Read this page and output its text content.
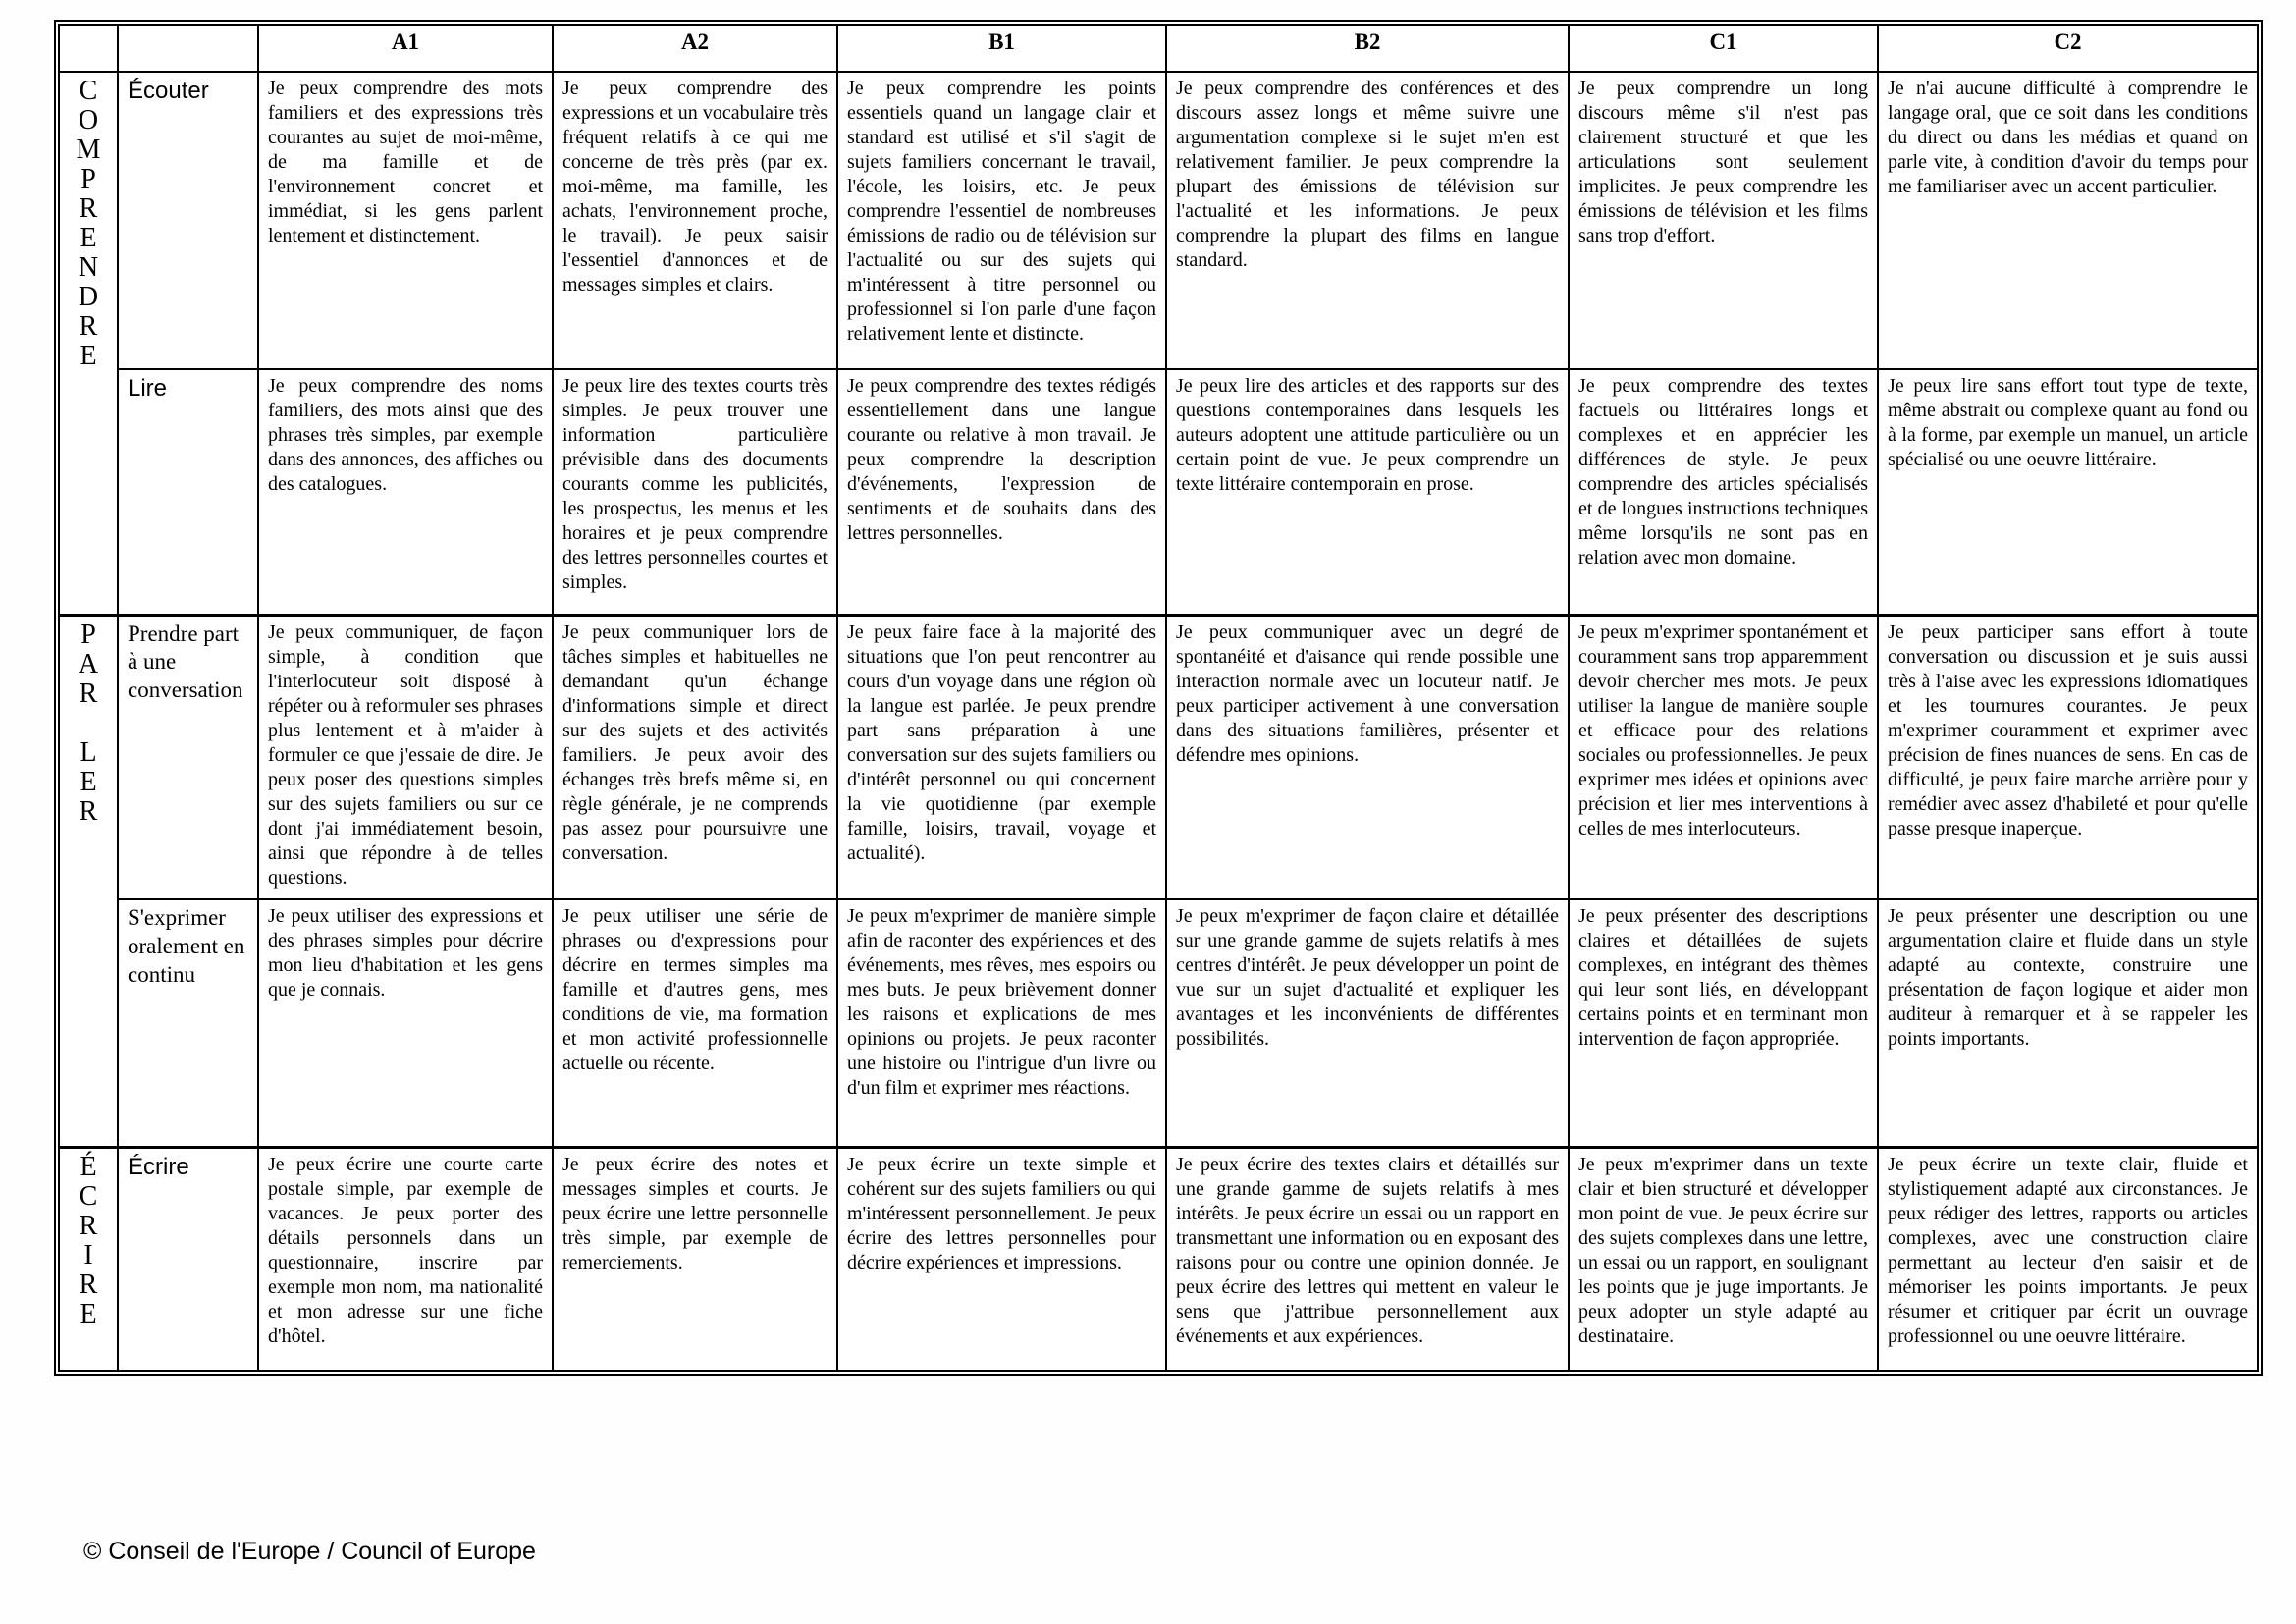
		A1	A2	B1	B2	C1	C2

C
O
M
P
R
E
N
D
R
E
	Écouter	Je peux comprendre des mots familiers et des expressions très courantes au sujet de moi-même, de ma famille et de l'environnement concret et immédiat, si les gens parlent lentement et distinctement.	Je peux comprendre des expressions et un vocabulaire très fréquent relatifs à ce qui me concerne de très près (par ex. moi-même, ma famille, les achats, l'environnement proche, le travail). Je peux saisir l'essentiel d'annonces et de messages simples et clairs.	Je peux comprendre les points essentiels quand un langage clair et standard est utilisé et s'il s'agit de sujets familiers concernant le travail, l'école, les loisirs, etc. Je peux comprendre l'essentiel de nombreuses émissions de radio ou de télévision sur l'actualité ou sur des sujets qui m'intéressent à titre personnel ou professionnel si l'on parle d'une façon relativement lente et distincte.	Je peux comprendre des conférences et des discours assez longs et même suivre une argumentation complexe si le sujet m'en est relativement familier. Je peux comprendre la plupart des émissions de télévision sur l'actualité et les informations. Je peux comprendre la plupart des films en langue standard.	Je peux comprendre un long discours même s'il n'est pas clairement structuré et que les articulations sont seulement implicites. Je peux comprendre les émissions de télévision et les films sans trop d'effort.	Je n'ai aucune difficulté à comprendre le langage oral, que ce soit dans les conditions du direct ou dans les médias et quand on parle vite, à condition d'avoir du temps pour me familiariser avec un accent particulier.
Lire	Je peux comprendre des noms familiers, des mots ainsi que des phrases très simples, par exemple dans des annonces, des affiches ou des catalogues.	Je peux lire des textes courts très simples. Je peux trouver une information particulière prévisible dans des documents courants comme les publicités, les prospectus, les menus et les horaires et je peux comprendre des lettres personnelles courtes et simples.	Je peux comprendre des textes rédigés essentiellement dans une langue courante ou relative à mon travail. Je peux comprendre la description d'événements, l'expression de sentiments et de souhaits dans des lettres personnelles.	Je peux lire des articles et des rapports sur des questions contemporaines dans lesquels les auteurs adoptent une attitude particulière ou un certain point de vue. Je peux comprendre un texte littéraire contemporain en prose.	Je peux comprendre des textes factuels ou littéraires longs et complexes et en apprécier les différences de style. Je peux comprendre des articles spécialisés et de longues instructions techniques même lorsqu'ils ne sont pas en relation avec mon domaine.	Je peux lire sans effort tout type de texte, même abstrait ou complexe quant au fond ou à la forme, par exemple un manuel, un article spécialisé ou une oeuvre littéraire.

P
A
R
L
E
R
	Prendre part à une conversation	Je peux communiquer, de façon simple, à condition que l'interlocuteur soit disposé à répéter ou à reformuler ses phrases plus lentement et à m'aider à formuler ce que j'essaie de dire. Je peux poser des questions simples sur des sujets familiers ou sur ce dont j'ai immédiatement besoin, ainsi que répondre à de telles questions.	Je peux communiquer lors de tâches simples et habituelles ne demandant qu'un échange d'informations simple et direct sur des sujets et des activités familiers. Je peux avoir des échanges très brefs même si, en règle générale, je ne comprends pas assez pour poursuivre une conversation.	Je peux faire face à la majorité des situations que l'on peut rencontrer au cours d'un voyage dans une région où la langue est parlée. Je peux prendre part sans préparation à une conversation sur des sujets familiers ou d'intérêt personnel ou qui concernent la vie quotidienne (par exemple famille, loisirs, travail, voyage et actualité).	Je peux communiquer avec un degré de spontanéité et d'aisance qui rende possible une interaction normale avec un locuteur natif. Je peux participer activement à une conversation dans des situations familières, présenter et défendre mes opinions.	Je peux m'exprimer spontanément et couramment sans trop apparemment devoir chercher mes mots. Je peux utiliser la langue de manière souple et efficace pour des relations sociales ou professionnelles. Je peux exprimer mes idées et opinions avec précision et lier mes interventions à celles de mes interlocuteurs.	Je peux participer sans effort à toute conversation ou discussion et je suis aussi très à l'aise avec les expressions idiomatiques et les tournures courantes. Je peux m'exprimer couramment et exprimer avec précision de fines nuances de sens. En cas de difficulté, je peux faire marche arrière pour y remédier avec assez d'habileté et pour qu'elle passe presque inaperçue.
S'exprimer oralement en continu	Je peux utiliser des expressions et des phrases simples pour décrire mon lieu d'habitation et les gens que je connais.	Je peux utiliser une série de phrases ou d'expressions pour décrire en termes simples ma famille et d'autres gens, mes conditions de vie, ma formation et mon activité professionnelle actuelle ou récente.	Je peux m'exprimer de manière simple afin de raconter des expériences et des événements, mes rêves, mes espoirs ou mes buts. Je peux brièvement donner les raisons et explications de mes opinions ou projets. Je peux raconter une histoire ou l'intrigue d'un livre ou d'un film et exprimer mes réactions.	Je peux m'exprimer de façon claire et détaillée sur une grande gamme de sujets relatifs à mes centres d'intérêt. Je peux développer un point de vue sur un sujet d'actualité et expliquer les avantages et les inconvénients de différentes possibilités.	Je peux présenter des descriptions claires et détaillées de sujets complexes, en intégrant des thèmes qui leur sont liés, en développant certains points et en terminant mon intervention de façon appropriée.	Je peux présenter une description ou une argumentation claire et fluide dans un style adapté au contexte, construire une présentation de façon logique et aider mon auditeur à remarquer et à se rappeler les points importants.

É
C
R
I
R
E
	Écrire	Je peux écrire une courte carte postale simple, par exemple de vacances. Je peux porter des détails personnels dans un questionnaire, inscrire par exemple mon nom, ma nationalité et mon adresse sur une fiche d'hôtel.	Je peux écrire des notes et messages simples et courts. Je peux écrire une lettre personnelle très simple, par exemple de remerciements.	Je peux écrire un texte simple et cohérent sur des sujets familiers ou qui m'intéressent personnellement. Je peux écrire des lettres personnelles pour décrire expériences et impressions.	Je peux écrire des textes clairs et détaillés sur une grande gamme de sujets relatifs à mes intérêts. Je peux écrire un essai ou un rapport en transmettant une information ou en exposant des raisons pour ou contre une opinion donnée. Je peux écrire des lettres qui mettent en valeur le sens que j'attribue personnellement aux événements et aux expériences.	Je peux m'exprimer dans un texte clair et bien structuré et développer mon point de vue. Je peux écrire sur des sujets complexes dans une lettre, un essai ou un rapport, en soulignant les points que je juge importants. Je peux adopter un style adapté au destinataire.	Je peux écrire un texte clair, fluide et stylistiquement adapté aux circonstances. Je peux rédiger des lettres, rapports ou articles complexes, avec une construction claire permettant au lecteur d'en saisir et de mémoriser les points importants. Je peux résumer et critiquer par écrit un ouvrage professionnel ou une oeuvre littéraire.
© Conseil de l'Europe / Council of Europe
